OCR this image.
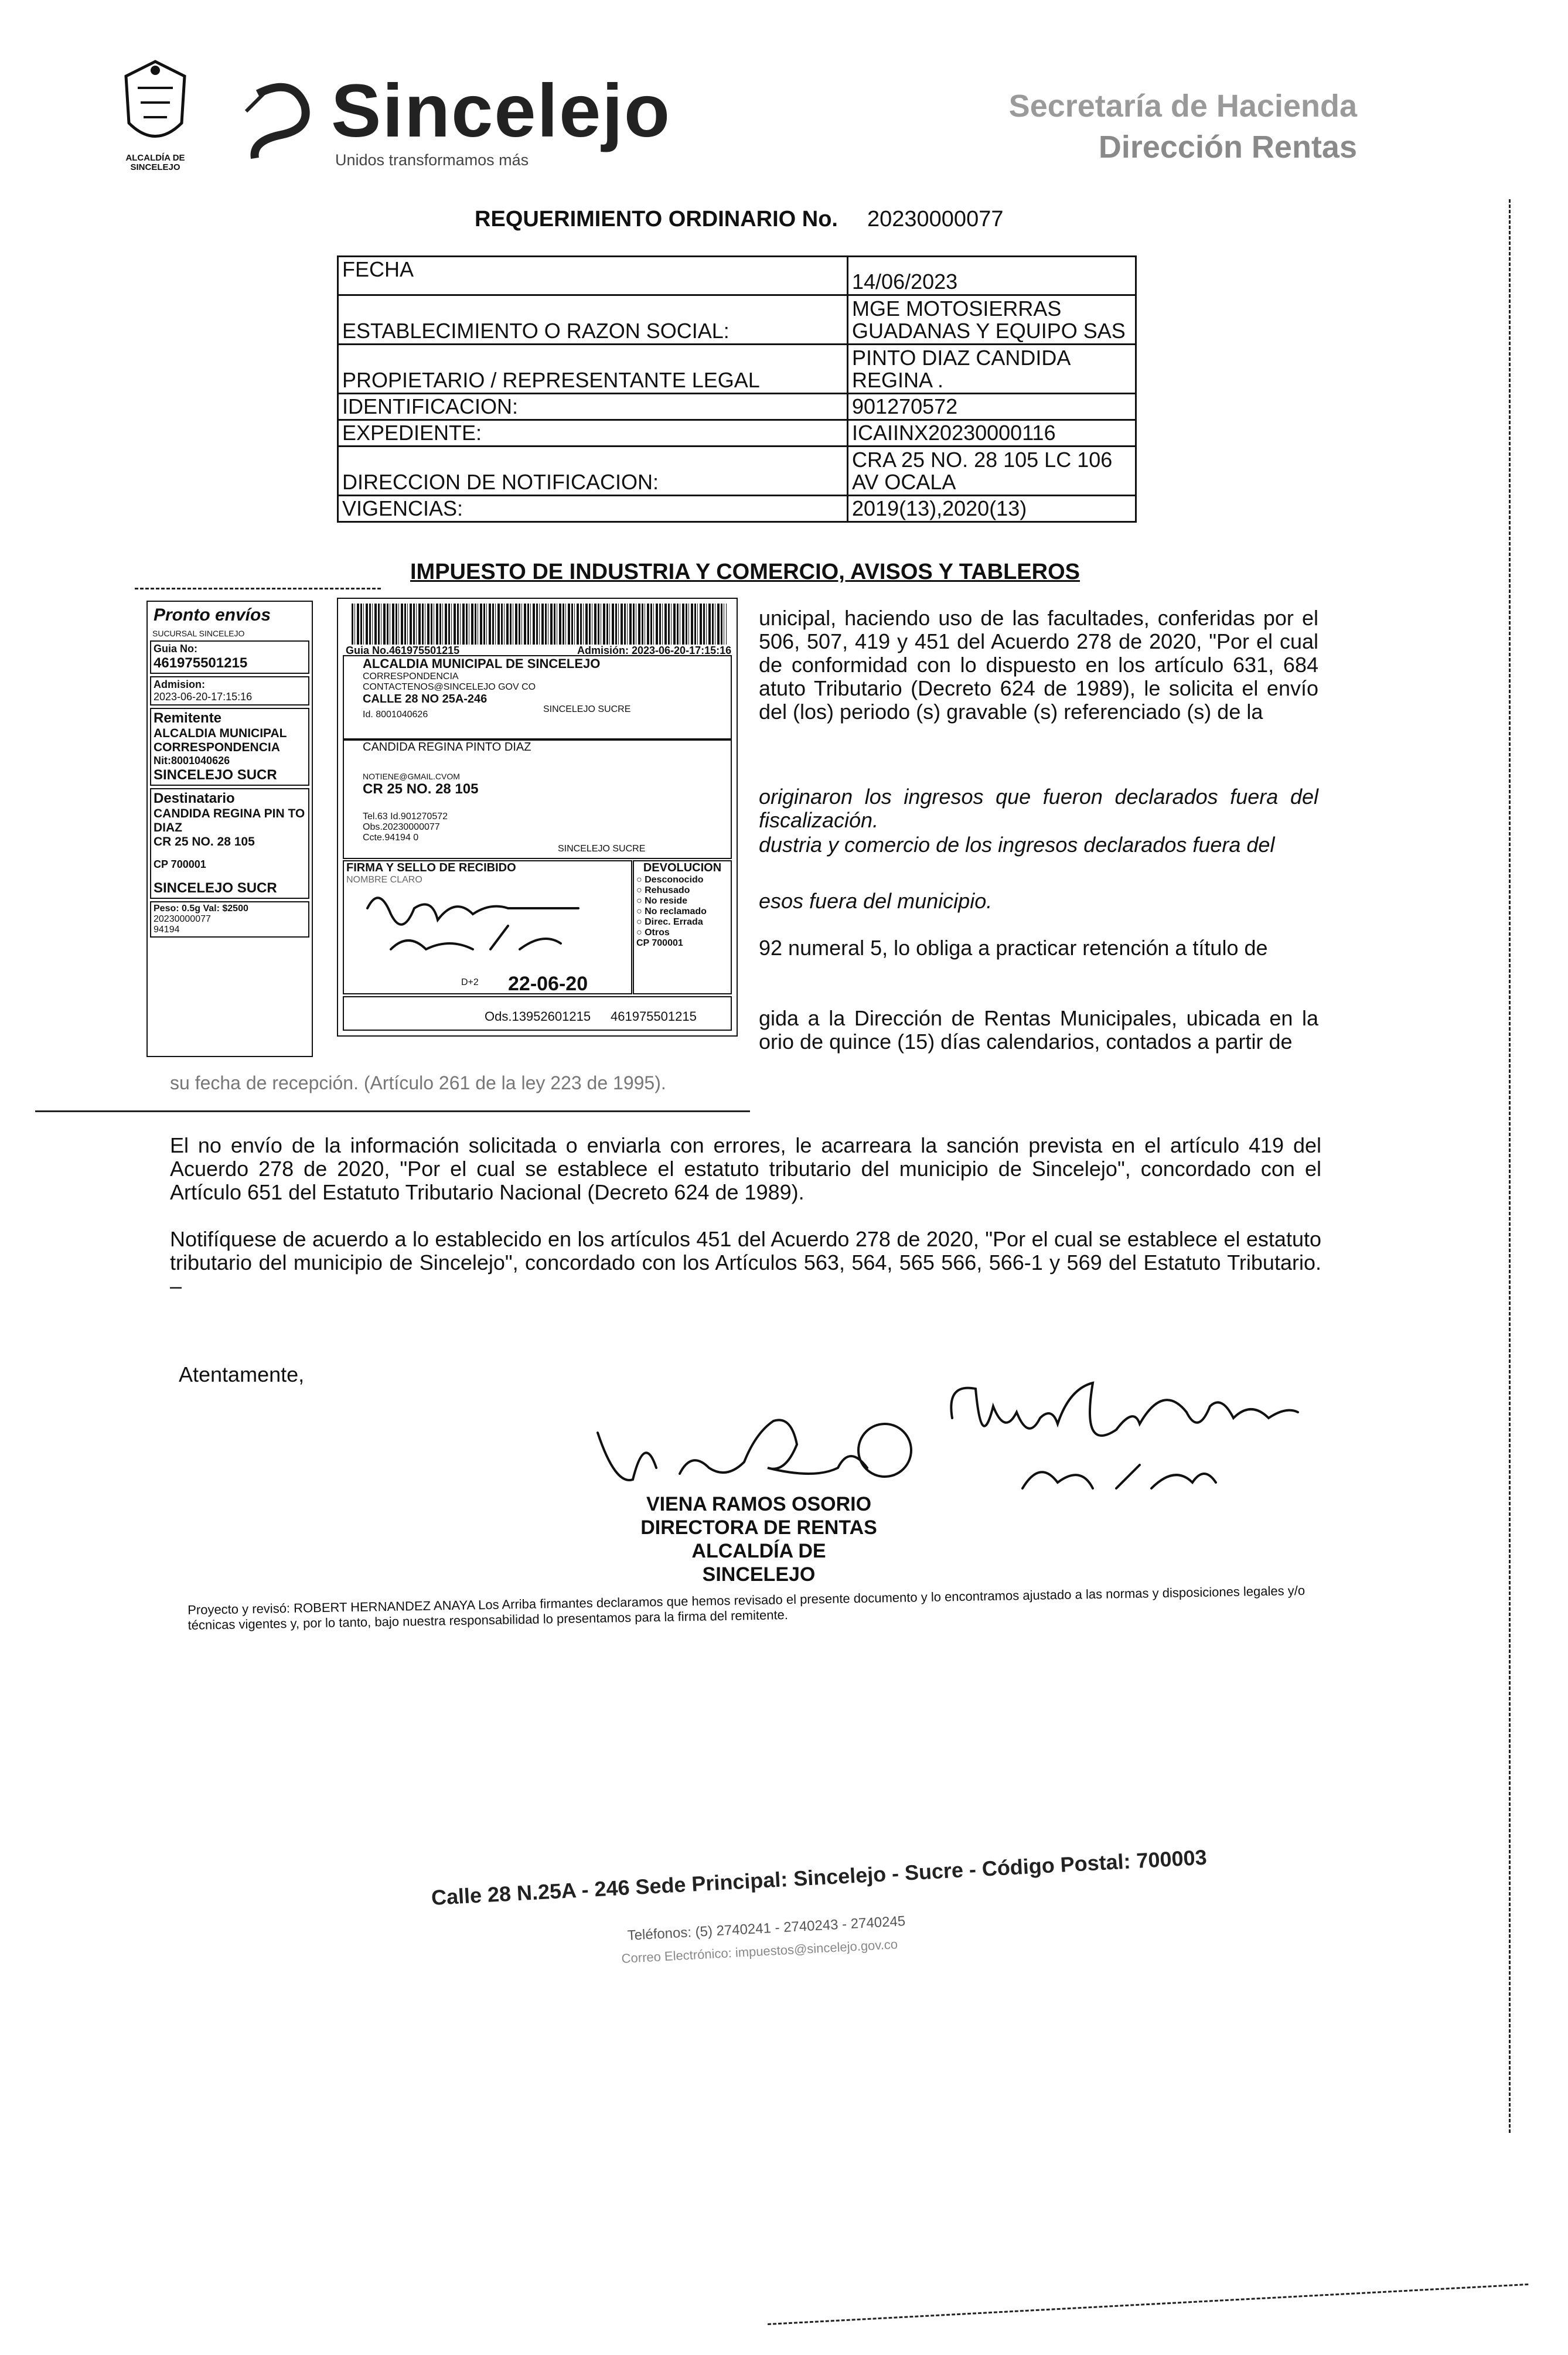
ALCALDÍA DE SINCELEJO
Sincelejo
Unidos transformamos más
Secretaría de Hacienda
Dirección Rentas
REQUERIMIENTO ORDINARIO No. 20230000077
FECHA	14/06/2023
ESTABLECIMIENTO O RAZON SOCIAL:	MGE MOTOSIERRAS GUADANAS Y EQUIPO SAS
PROPIETARIO / REPRESENTANTE LEGAL	PINTO DIAZ CANDIDA REGINA .
IDENTIFICACION:	901270572
EXPEDIENTE:	ICAIINX20230000116
DIRECCION DE NOTIFICACION:	CRA 25 NO. 28 105 LC 106 AV OCALA
VIGENCIAS:	2019(13),2020(13)
IMPUESTO DE INDUSTRIA Y COMERCIO, AVISOS Y TABLEROS
unicipal, haciendo uso de las facultades, conferidas por el 506, 507, 419 y 451 del Acuerdo 278 de 2020, "Por el cual de conformidad con lo dispuesto en los artículo 631, 684 atuto Tributario (Decreto 624 de 1989), le solicita el envío del (los) periodo (s) gravable (s) referenciado (s) de la
originaron los ingresos que fueron declarados fuera del fiscalización.
dustria y comercio de los ingresos declarados fuera del
esos fuera del municipio.
92 numeral 5, lo obliga a practicar retención a título de
gida a la Dirección de Rentas Municipales, ubicada en la orio de quince (15) días calendarios, contados a partir de
su fecha de recepción. (Artículo 261 de la ley 223 de 1995).
El no envío de la información solicitada o enviarla con errores, le acarreara la sanción prevista en el artículo 419 del Acuerdo 278 de 2020, "Por el cual se establece el estatuto tributario del municipio de Sincelejo", concordado con el Artículo 651 del Estatuto Tributario Nacional (Decreto 624 de 1989).
Notifíquese de acuerdo a lo establecido en los artículos 451 del Acuerdo 278 de 2020, "Por el cual se establece el estatuto tributario del municipio de Sincelejo", concordado con los Artículos 563, 564, 565 566, 566-1 y 569 del Estatuto Tributario. –
Atentamente,
VIENA RAMOS OSORIO
DIRECTORA DE RENTAS
ALCALDÍA DE SINCELEJO
Proyecto y revisó: ROBERT HERNANDEZ ANAYA Los Arriba firmantes declaramos que hemos revisado el presente documento y lo encontramos ajustado a las normas y disposiciones legales y/o técnicas vigentes y, por lo tanto, bajo nuestra responsabilidad lo presentamos para la firma del remitente.
Calle 28 N.25A - 246 Sede Principal: Sincelejo - Sucre - Código Postal: 700003
Teléfonos: (5) 2740241 - 2740243 - 2740245
Correo Electrónico: impuestos@sincelejo.gov.co
Pronto envíos
SUCURSAL SINCELEJO
Guia No:
461975501215
Admision:
2023-06-20-17:15:16
Remitente
ALCALDIA MUNICIPAL CORRESPONDENCIA
Nit:8001040626
SINCELEJO SUCR
Destinatario
CANDIDA REGINA PIN TO DIAZ
CR 25 NO. 28 105
CP 700001
SINCELEJO SUCR
Peso: 0.5g Val: $2500
20230000077
94194
Guia No.461975501215	Admisión: 2023-06-20-17:15:16
ALCALDIA MUNICIPAL DE SINCELEJO
CORRESPONDENCIA
CONTACTENOS@SINCELEJO GOV CO
CALLE 28 NO 25A-246
SINCELEJO SUCRE
Id. 8001040626
CANDIDA REGINA PINTO DIAZ
NOTIENE@GMAIL.CVOM
CR 25 NO. 28 105
Tel.63 Id.901270572
Obs.20230000077
Ccte.94194 0
SINCELEJO SUCRE
FIRMA Y SELLO DE RECIBIDO
NOMBRE CLARO
22-06-20
D+2
DEVOLUCION
○ Desconocido
○ Rehusado
○ No reside
○ No reclamado
○ Direc. Errada
○ Otros
CP 700001
Ods.13952601215 461975501215
